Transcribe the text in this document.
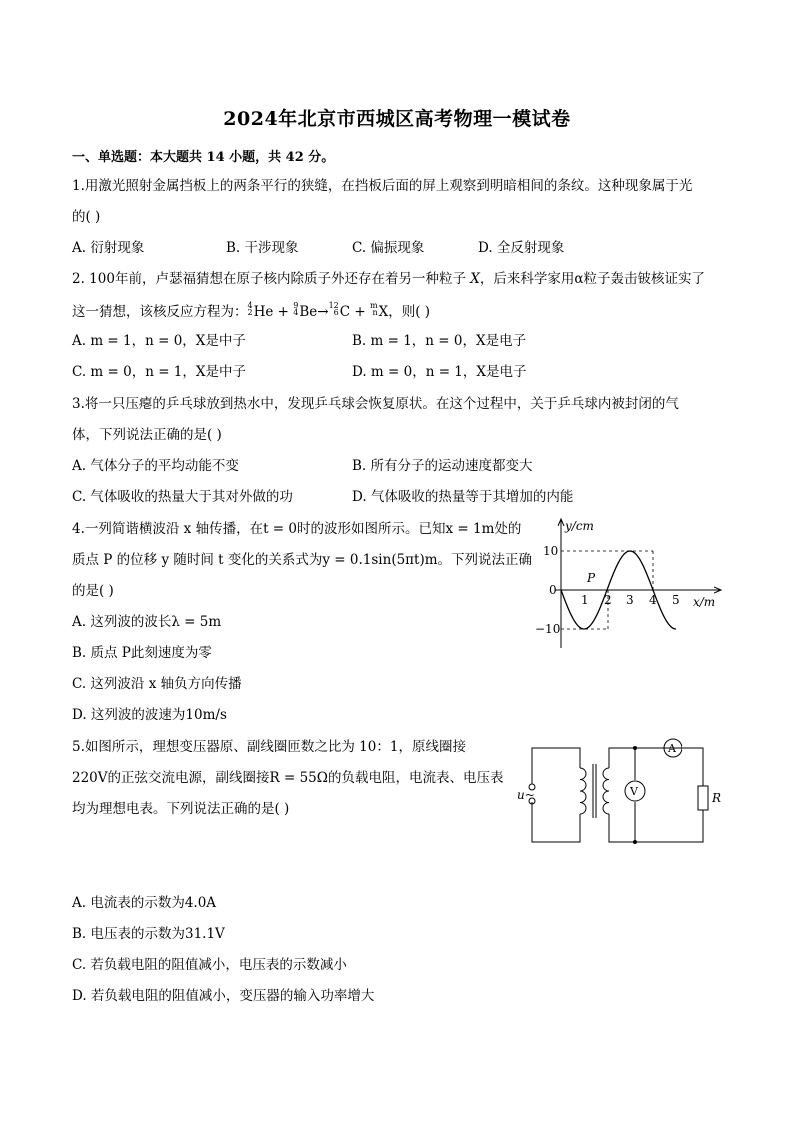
2024年北京市西城区高考物理一模试卷
一、单选题：本大题共 14 小题，共 42 分。
1.用激光照射金属挡板上的两条平行的狭缝，在挡板后面的屏上观察到明暗相间的条纹。这种现象属于光
的( )
A. 衍射现象	B. 干涉现象	C. 偏振现象	D. 全反射现象
2. 100年前，卢瑟福猜想在原子核内除质子外还存在着另一种粒子 X，后来科学家用α粒子轰击铍核证实了
这一猜想，该核反应方程为：4
2He + 9
4Be→12
6C + m
nX，则( )
A. m = 1，n = 0，X是中子	B. m = 1，n = 0，X是电子
C. m = 0，n = 1，X是中子	D. m = 0，n = 1，X是电子
3.将一只压瘪的乒乓球放到热水中，发现乒乓球会恢复原状。在这个过程中，关于乒乓球内被封闭的气
体，下列说法正确的是( )
A. 气体分子的平均动能不变	B. 所有分子的运动速度都变大
C. 气体吸收的热量大于其对外做的功	D. 气体吸收的热量等于其增加的内能
4.一列简谐横波沿 x 轴传播，在t = 0时的波形如图所示。已知x = 1m处的
质点 P 的位移 y 随时间 t 变化的关系式为y = 0.1sin(5πt)m。下列说法正确
的是( )
A. 这列波的波长λ = 5m
B. 质点 P此刻速度为零
C. 这列波沿 x 轴负方向传播
D. 这列波的波速为10m/s
y/cm
x/m
10
0
−10
1 2 3 4 5
P
5.如图所示，理想变压器原、副线圈匝数之比为 10：1，原线圈接
220V的正弦交流电源，副线圈接R = 55Ω的负载电阻，电流表、电压表
均为理想电表。下列说法正确的是( )
A. 电流表的示数为4.0A
B. 电压表的示数为31.1V
C. 若负载电阻的阻值减小，电压表的示数减小
D. 若负载电阻的阻值减小，变压器的输入功率增大
u~
A
V	R
